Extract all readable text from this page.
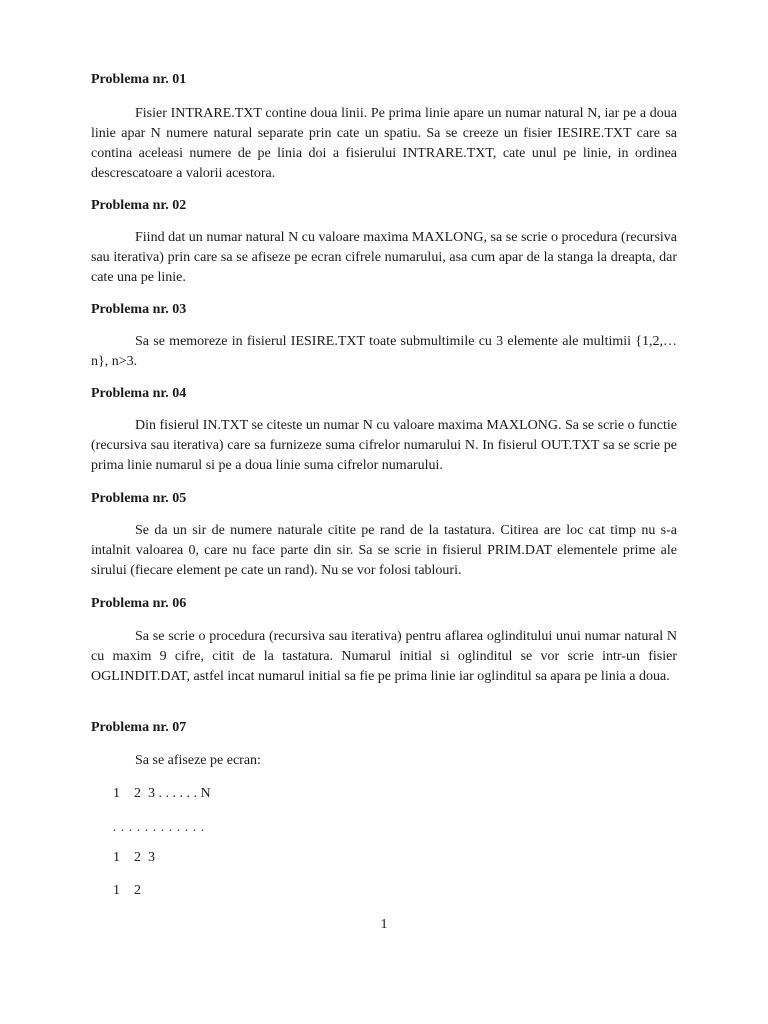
Problema nr. 01

Fisier INTRARE.TXT contine doua linii. Pe prima linie apare un numar natural N, iar pe a doua linie apar N numere natural separate prin cate un spatiu. Sa se creeze un fisier IESIRE.TXT care sa contina aceleasi numere de pe linia doi a fisierului INTRARE.TXT, cate unul pe linie, in ordinea descrescatoare a valorii acestora.

Problema nr. 02

Fiind dat un numar natural N cu valoare maxima MAXLONG, sa se scrie o procedura (recursiva sau iterativa) prin care sa se afiseze pe ecran cifrele numarului, asa cum apar de la stanga la dreapta, dar cate una pe linie.

Problema nr. 03

Sa se memoreze in fisierul IESIRE.TXT toate submultimile cu 3 elemente ale multimii {1,2,…n}, n>3.

Problema nr. 04

Din fisierul IN.TXT se citeste un numar N cu valoare maxima MAXLONG. Sa se scrie o functie (recursiva sau iterativa) care sa furnizeze suma cifrelor numarului N. In fisierul OUT.TXT sa se scrie pe prima linie numarul si pe a doua linie suma cifrelor numarului.

Problema nr. 05

Se da un sir de numere naturale citite pe rand de la tastatura. Citirea are loc cat timp nu s-a intalnit valoarea 0, care nu face parte din sir. Sa se scrie in fisierul PRIM.DAT elementele prime ale sirului (fiecare element pe cate un rand). Nu se vor folosi tablouri.

Problema nr. 06

Sa se scrie o procedura (recursiva sau iterativa) pentru aflarea oglinditului unui numar natural N cu maxim 9 cifre, citit de la tastatura. Numarul initial si oglinditul se vor scrie intr-un fisier OGLINDIT.DAT, astfel incat numarul initial sa fie pe prima linie iar oglinditul sa apara pe linia a doua.

Problema nr. 07

Sa se afiseze pe ecran:

1    2  3 . . . . . . N

. . . . . . . . . . . .

1    2  3

1    2

1
